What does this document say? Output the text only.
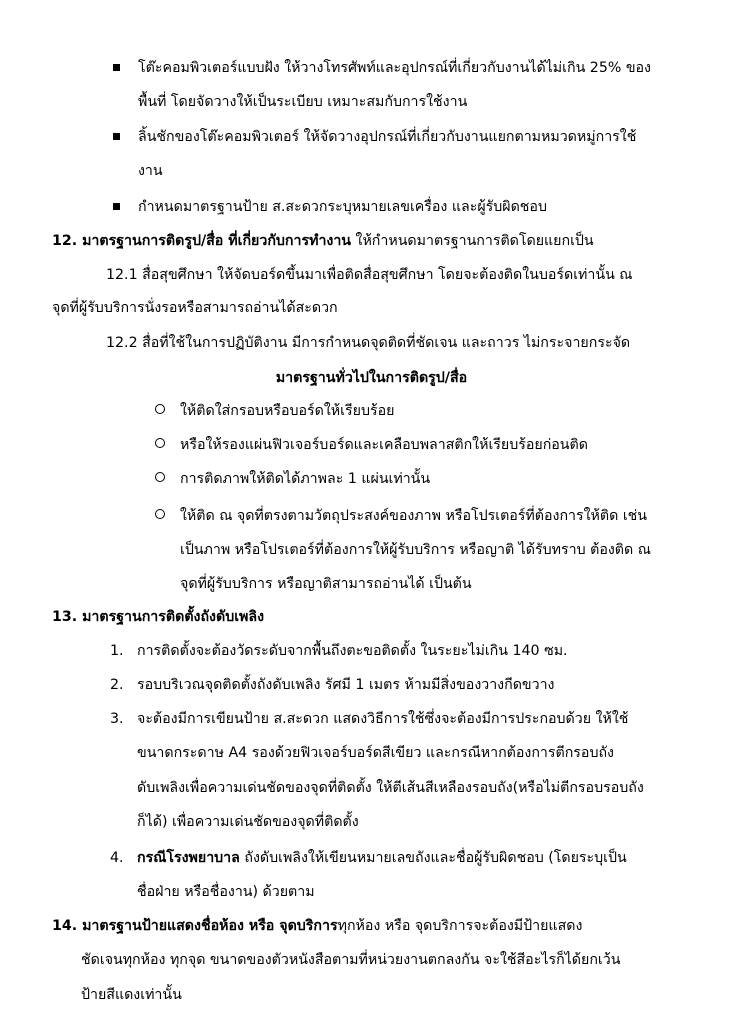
โต๊ะคอมพิวเตอร์แบบฝัง ให้วางโทรศัพท์และอุปกรณ์ที่เกี่ยวกับงานได้ไม่เกิน 25% ของ
พื้นที่ โดยจัดวางให้เป็นระเบียบ เหมาะสมกับการใช้งาน
ลิ้นชักของโต๊ะคอมพิวเตอร์ ให้จัดวางอุปกรณ์ที่เกี่ยวกับงานแยกตามหมวดหมู่การใช้
งาน
กำหนดมาตรฐานป้าย ส.สะดวกระบุหมายเลขเครื่อง และผู้รับผิดชอบ
12. มาตรฐานการติดรูป/สื่อ ที่เกี่ยวกับการทำงาน ให้กำหนดมาตรฐานการติดโดยแยกเป็น
12.1 สื่อสุขศึกษา ให้จัดบอร์ดขึ้นมาเพื่อติดสื่อสุขศึกษา โดยจะต้องติดในบอร์ดเท่านั้น ณ
จุดที่ผู้รับบริการนั่งรอหรือสามารถอ่านได้สะดวก
12.2 สื่อที่ใช้ในการปฏิบัติงาน มีการกำหนดจุดติดที่ชัดเจน และถาวร ไม่กระจายกระจัด
มาตรฐานทั่วไปในการติดรูป/สื่อ
ให้ติดใส่กรอบหรือบอร์ดให้เรียบร้อย
หรือให้รองแผ่นฟิวเจอร์บอร์ดและเคลือบพลาสติกให้เรียบร้อยก่อนติด
การติดภาพให้ติดได้ภาพละ 1 แผ่นเท่านั้น
ให้ติด ณ จุดที่ตรงตามวัตถุประสงค์ของภาพ หรือโปรเตอร์ที่ต้องการให้ติด เช่น
เป็นภาพ หรือโปรเตอร์ที่ต้องการให้ผู้รับบริการ หรือญาติ ได้รับทราบ ต้องติด ณ
จุดที่ผู้รับบริการ หรือญาติสามารถอ่านได้ เป็นต้น
13. มาตรฐานการติดตั้งถังดับเพลิง
1. การติดตั้งจะต้องวัดระดับจากพื้นถึงตะขอติดตั้ง ในระยะไม่เกิน 140 ซม.
2. รอบบริเวณจุดติดตั้งถังดับเพลิง รัศมี 1 เมตร ห้ามมีสิ่งของวางกีดขวาง
3. จะต้องมีการเขียนป้าย ส.สะดวก แสดงวิธีการใช้ซึ่งจะต้องมีการประกอบด้วย ให้ใช้
ขนาดกระดาษ A4 รองด้วยฟิวเจอร์บอร์ดสีเขียว และกรณีหากต้องการตีกรอบถัง
ดับเพลิงเพื่อความเด่นชัดของจุดที่ติดตั้ง ให้ตีเส้นสีเหลืองรอบถัง(หรือไม่ตีกรอบรอบถัง
ก็ได้) เพื่อความเด่นชัดของจุดที่ติดตั้ง
4. กรณีโรงพยาบาล ถังดับเพลิงให้เขียนหมายเลขถังและชื่อผู้รับผิดชอบ (โดยระบุเป็น
ชื่อฝ่าย หรือชื่องาน) ด้วยตาม
14. มาตรฐานป้ายแสดงชื่อห้อง หรือ จุดบริการทุกห้อง หรือ จุดบริการจะต้องมีป้ายแสดง
ชัดเจนทุกห้อง ทุกจุด ขนาดของตัวหนังสือตามที่หน่วยงานตกลงกัน จะใช้สีอะไรก็ได้ยกเว้น
ป้ายสีแดงเท่านั้น
